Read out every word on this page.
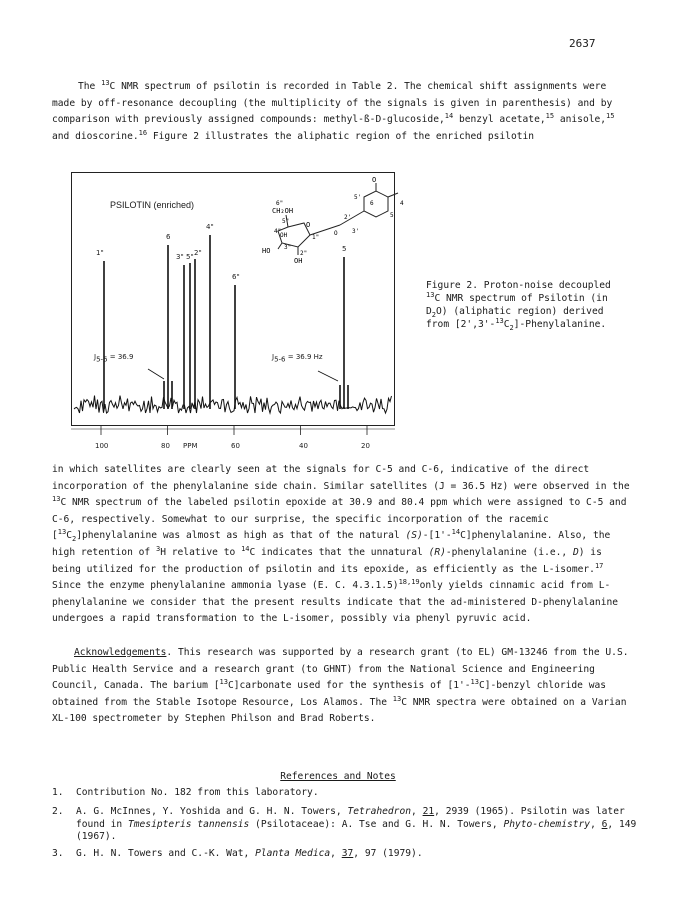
2637
The $^{13}$C NMR spectrum of psilotin is recorded in Table 2. The chemical shift assignments were made by off-resonance decoupling (the multiplicity of the signals is given in parenthesis) and by comparison with previously assigned compounds: methyl-ß-D-glucoside,$^{14}$ benzyl acetate,$^{15}$ anisole,$^{15}$ and dioscorine.$^{16}$ Figure 2 illustrates the aliphatic region of the enriched psilotin
PSILOTIN (enriched)
O
CH₂OH
OH
HO
OH
O
1"
2"
3"
4"
5"
6"
5
6
2'
3'
4
5'
O
1"
6
4"
3" 5" 2"
6"
5
$J_{5-6} = 36.9$	$J_{5-6} = 36.9$ Hz
100	80 PPM	60	40	20
Figure 2. Proton-noise decoupled $^{13}$C NMR spectrum of Psilotin (in $D_2O$) (aliphatic region) derived from $[2',3'-^{13}C_2]$-Phenylalanine.
in which satellites are clearly seen at the signals for C-5 and C-6, indicative of the direct incorporation of the phenylalanine side chain. Similar satellites (J = 36.5 Hz) were observed in the $^{13}$C NMR spectrum of the labeled psilotin epoxide at 30.9 and 80.4 ppm which were assigned to C-5 and C-6, respectively. Somewhat to our surprise, the specific incorporation of the racemic $[^{13}C_2]phenylalanine$ was almost as high as that of the natural (S)-[1'-$^{14}$C]phenylalanine. Also, the high retention of $^3$H relative to $^{14}$C indicates that the unnatural (R)-phenylalanine (i.e., D) is being utilized for the production of psilotin and its epoxide, as efficiently as the L-isomer.$^{17}$ Since the enzyme phenylalanine ammonia lyase (E. C. 4.3.1.5)$^{18,19}$only yields cinnamic acid from L-phenylalanine we consider that the present results indicate that the ad-ministered D-phenylalanine undergoes a rapid transformation to the L-isomer, possibly via phenyl pyruvic acid.
Acknowledgements. This research was supported by a research grant (to EL) GM-13246 from the U.S. Public Health Service and a research grant (to GHNT) from the National Science and Engineering Council, Canada. The barium [$^{13}$C]carbonate used for the synthesis of [1'-$^{13}$C]-benzyl chloride was obtained from the Stable Isotope Resource, Los Alamos. The $^{13}$C NMR spectra were obtained on a Varian XL-100 spectrometer by Stephen Philson and Brad Roberts.
References and Notes
1. Contribution No. 182 from this laboratory.
2. A. G. McInnes, Y. Yoshida and G. H. N. Towers, Tetrahedron, 21, 2939 (1965). Psilotin was later found in Tmesipteris tannensis (Psilotaceae): A. Tse and G. H. N. Towers, Phyto-chemistry, 6, 149 (1967).
3. G. H. N. Towers and C.-K. Wat, Planta Medica, 37, 97 (1979).
